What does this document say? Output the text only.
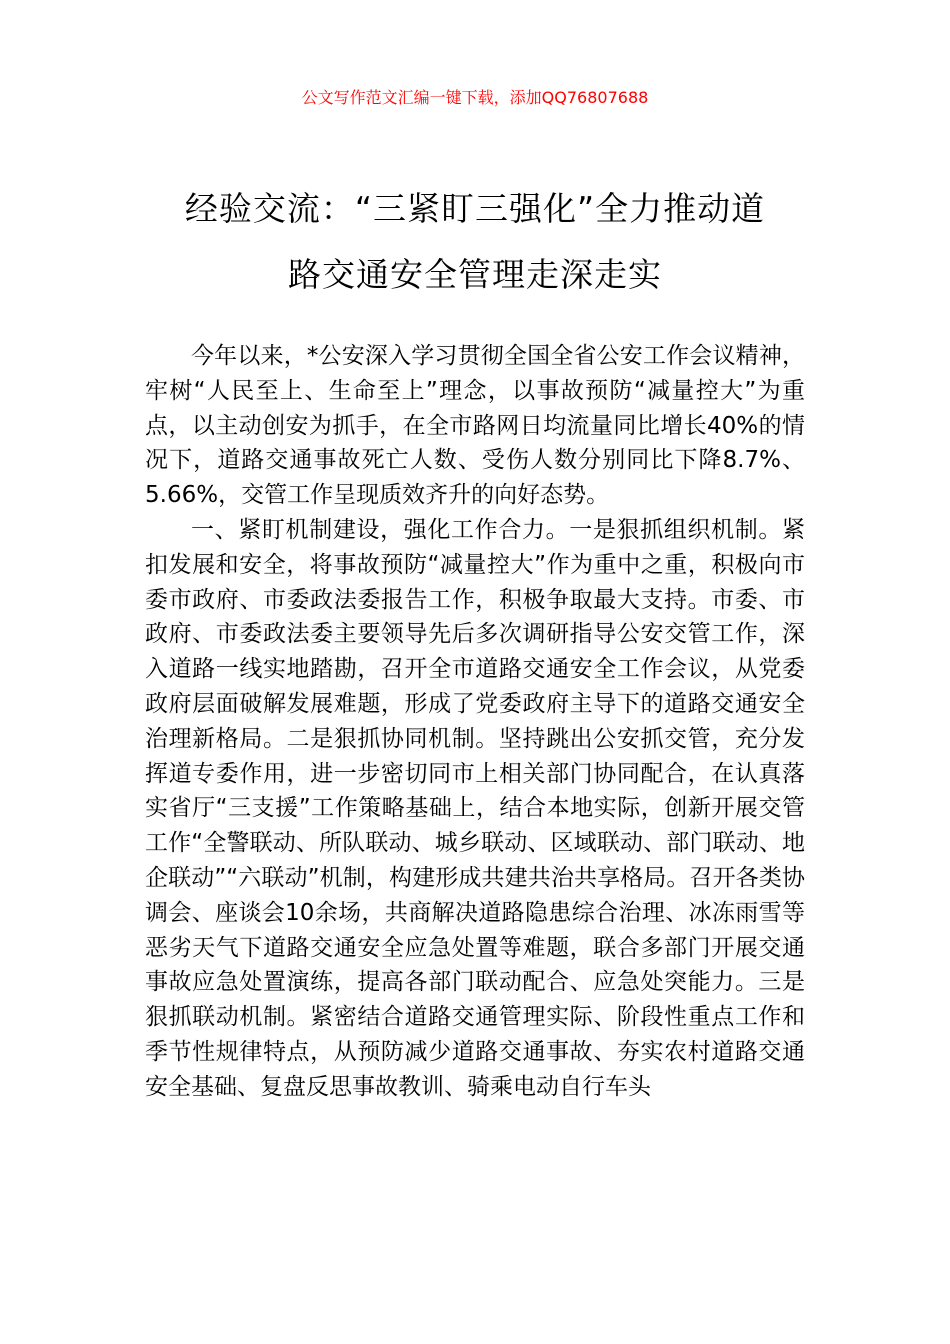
公文写作范文汇编一键下载，添加QQ76807688
经验交流：“三紧盯三强化”全力推动道
路交通安全管理走深走实

今年以来，*公安深入学习贯彻全国全省公安工作会议精神，牢树“人民至上、生命至上”理念，以事故预防“减量控大”为重点，以主动创安为抓手，在全市路网日均流量同比增长40%的情况下，道路交通事故死亡人数、受伤人数分别同比下降8.7%、5.66%，交管工作呈现质效齐升的向好态势。

一、紧盯机制建设，强化工作合力。一是狠抓组织机制。紧扣发展和安全，将事故预防“减量控大”作为重中之重，积极向市委市政府、市委政法委报告工作，积极争取最大支持。市委、市政府、市委政法委主要领导先后多次调研指导公安交管工作，深入道路一线实地踏勘，召开全市道路交通安全工作会议，从党委政府层面破解发展难题，形成了党委政府主导下的道路交通安全治理新格局。二是狠抓协同机制。坚持跳出公安抓交管，充分发挥道专委作用，进一步密切同市上相关部门协同配合，在认真落实省厅“三支援”工作策略基础上，结合本地实际，创新开展交管工作“全警联动、所队联动、城乡联动、区域联动、部门联动、地企联动”“六联动”机制，构建形成共建共治共享格局。召开各类协调会、座谈会10余场，共商解决道路隐患综合治理、冰冻雨雪等恶劣天气下道路交通安全应急处置等难题，联合多部门开展交通事故应急处置演练，提高各部门联动配合、应急处突能力。三是狠抓联动机制。紧密结合道路交通管理实际、阶段性重点工作和季节性规律特点，从预防减少道路交通事故、夯实农村道路交通安全基础、复盘反思事故教训、骑乘电动自行车头
